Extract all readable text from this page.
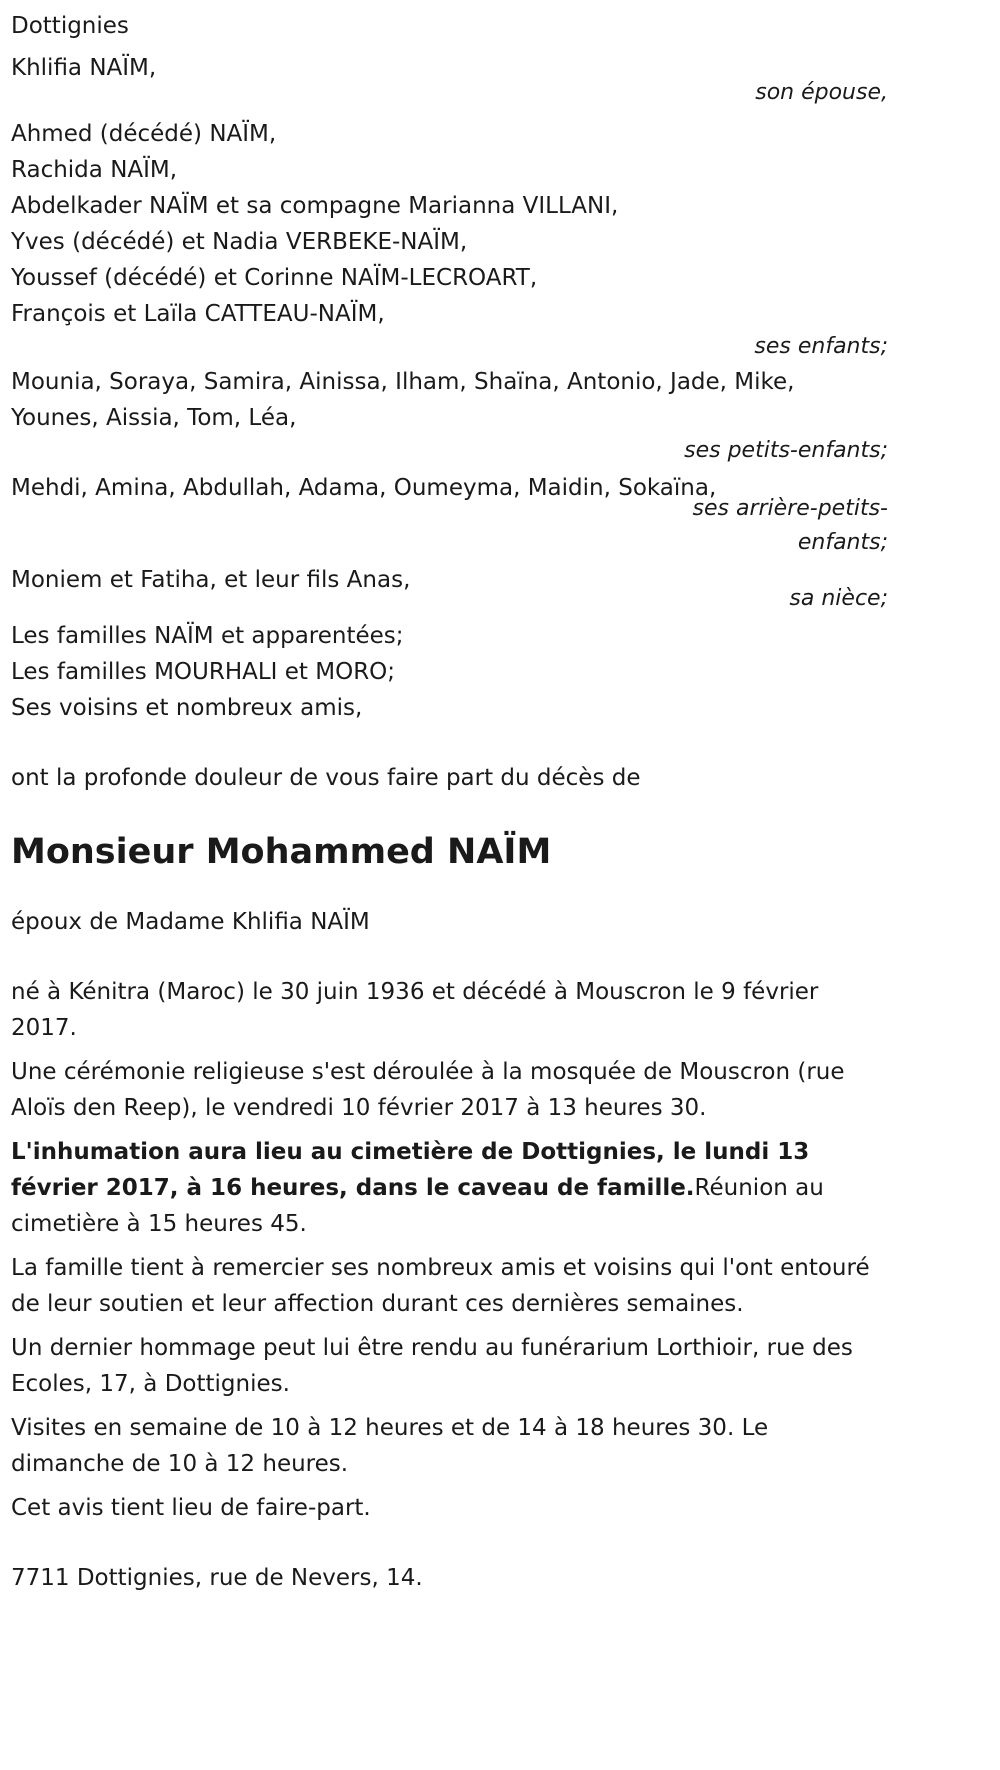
Dottignies
Khlifia NAÏM,
son épouse,
Ahmed (décédé) NAÏM,
Rachida NAÏM,
Abdelkader NAÏM et sa compagne Marianna VILLANI,
Yves (décédé) et Nadia VERBEKE-NAÏM,
Youssef (décédé) et Corinne NAÏM-LECROART,
François et Laïla CATTEAU-NAÏM,
ses enfants;
Mounia, Soraya, Samira, Ainissa, Ilham, Shaïna, Antonio, Jade, Mike,
Younes, Aissia, Tom, Léa,
ses petits-enfants;
Mehdi, Amina, Abdullah, Adama, Oumeyma, Maidin, Sokaïna,
ses arrière-petits-
enfants;
Moniem et Fatiha, et leur fils Anas,
sa nièce;
Les familles NAÏM et apparentées;
Les familles MOURHALI et MORO;
Ses voisins et nombreux amis,
ont la profonde douleur de vous faire part du décès de
Monsieur Mohammed NAÏM
époux de Madame Khlifia NAÏM
né à Kénitra (Maroc) le 30 juin 1936 et décédé à Mouscron le 9 février 2017.
Une cérémonie religieuse s'est déroulée à la mosquée de Mouscron (rue Aloïs den Reep), le vendredi 10 février 2017 à 13 heures 30.
L'inhumation aura lieu au cimetière de Dottignies, le lundi 13 février 2017, à 16 heures, dans le caveau de famille.Réunion au cimetière à 15 heures 45.
La famille tient à remercier ses nombreux amis et voisins qui l'ont entouré de leur soutien et leur affection durant ces dernières semaines.
Un dernier hommage peut lui être rendu au funérarium Lorthioir, rue des Ecoles, 17, à Dottignies.
Visites en semaine de 10 à 12 heures et de 14 à 18 heures 30. Le dimanche de 10 à 12 heures.
Cet avis tient lieu de faire-part.
7711 Dottignies, rue de Nevers, 14.
